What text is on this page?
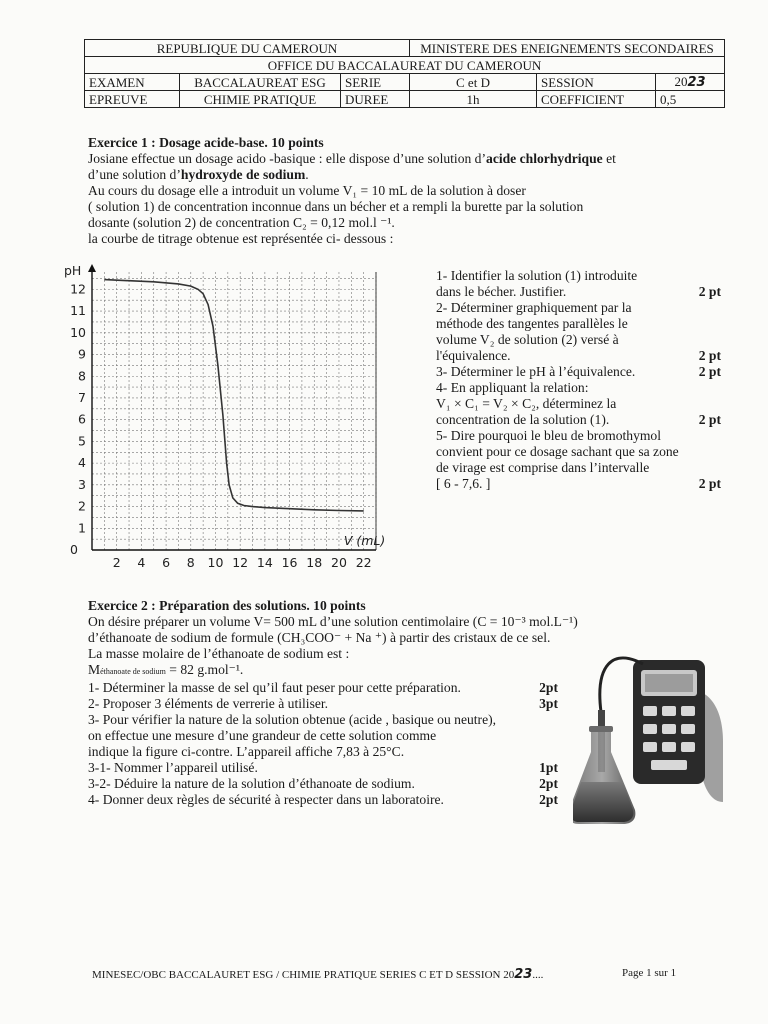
REPUBLIQUE DU CAMEROUN			MINISTERE DES ENEIGNEMENTS SECONDAIRES		
OFFICE DU BACCALAUREAT DU CAMEROUN					
EXAMEN	BACCALAUREAT ESG	SERIE	C et D	SESSION	2023
EPREUVE	CHIMIE PRATIQUE	DUREE	1h	COEFFICIENT	0,5

Exercice 1 : Dosage acide-base. 10 points

Josiane effectue un dosage acido -basique : elle dispose d’une solution d’acide chlorhydrique et

d’une solution d’hydroxyde de sodium.

Au cours du dosage elle a introduit un volume V₁ = 10 mL de la solution à doser

( solution 1) de concentration inconnue dans un bécher et a rempli la burette par la solution

dosante (solution 2) de concentration C₂ = 0,12 mol.l ⁻¹.

la courbe de titrage obtenue est représentée ci- dessous :

1
2
3
4
5
6
7
8
9
10
11
12
2 4 6 8 10 12 14 16 18 20 22
pH
0
V (mL)
1- Identifier la solution (1) introduite
dans le bécher. Justifier.	2 pt
2- Déterminer graphiquement par la
méthode des tangentes parallèles le
volume V₂ de solution (2) versé à
l'équivalence.	2 pt
3- Déterminer le pH à l’équivalence.	2 pt
4- En appliquant la relation:
V₁ × C₁ = V₂ × C₂, déterminez la
concentration de la solution (1).	2 pt
5- Dire pourquoi le bleu de bromothymol
convient pour ce dosage sachant que sa zone
de virage est comprise dans l’intervalle
[ 6 - 7,6. ]	2 pt

Exercice 2 : Préparation des solutions. 10 points

On désire préparer un volume V= 500 mL d’une solution centimolaire (C = 10⁻³ mol.L⁻¹)

d’éthanoate de sodium de formule (CH₃COO⁻ + Na ⁺) à partir des cristaux de ce sel.

La masse molaire de l’éthanoate de sodium est :

Méthanoate de sodium = 82 g.mol⁻¹.

1- Déterminer la masse de sel qu’il faut peser pour cette préparation.	2pt
2- Proposer 3 éléments de verrerie à utiliser.	3pt
3- Pour vérifier la nature de la solution obtenue (acide , basique ou neutre),
on effectue une mesure d’une grandeur de cette solution comme
indique la figure ci-contre. L’appareil affiche 7,83 à 25°C.
3-1- Nommer l’appareil utilisé.	1pt
3-2- Déduire la nature de la solution d’éthanoate de sodium.	2pt
4- Donner deux règles de sécurité à respecter dans un laboratoire.	2pt
MINESEC/OBC BACCALAURET ESG / CHIMIE PRATIQUE SERIES C ET D SESSION 2023....	Page 1 sur 1
